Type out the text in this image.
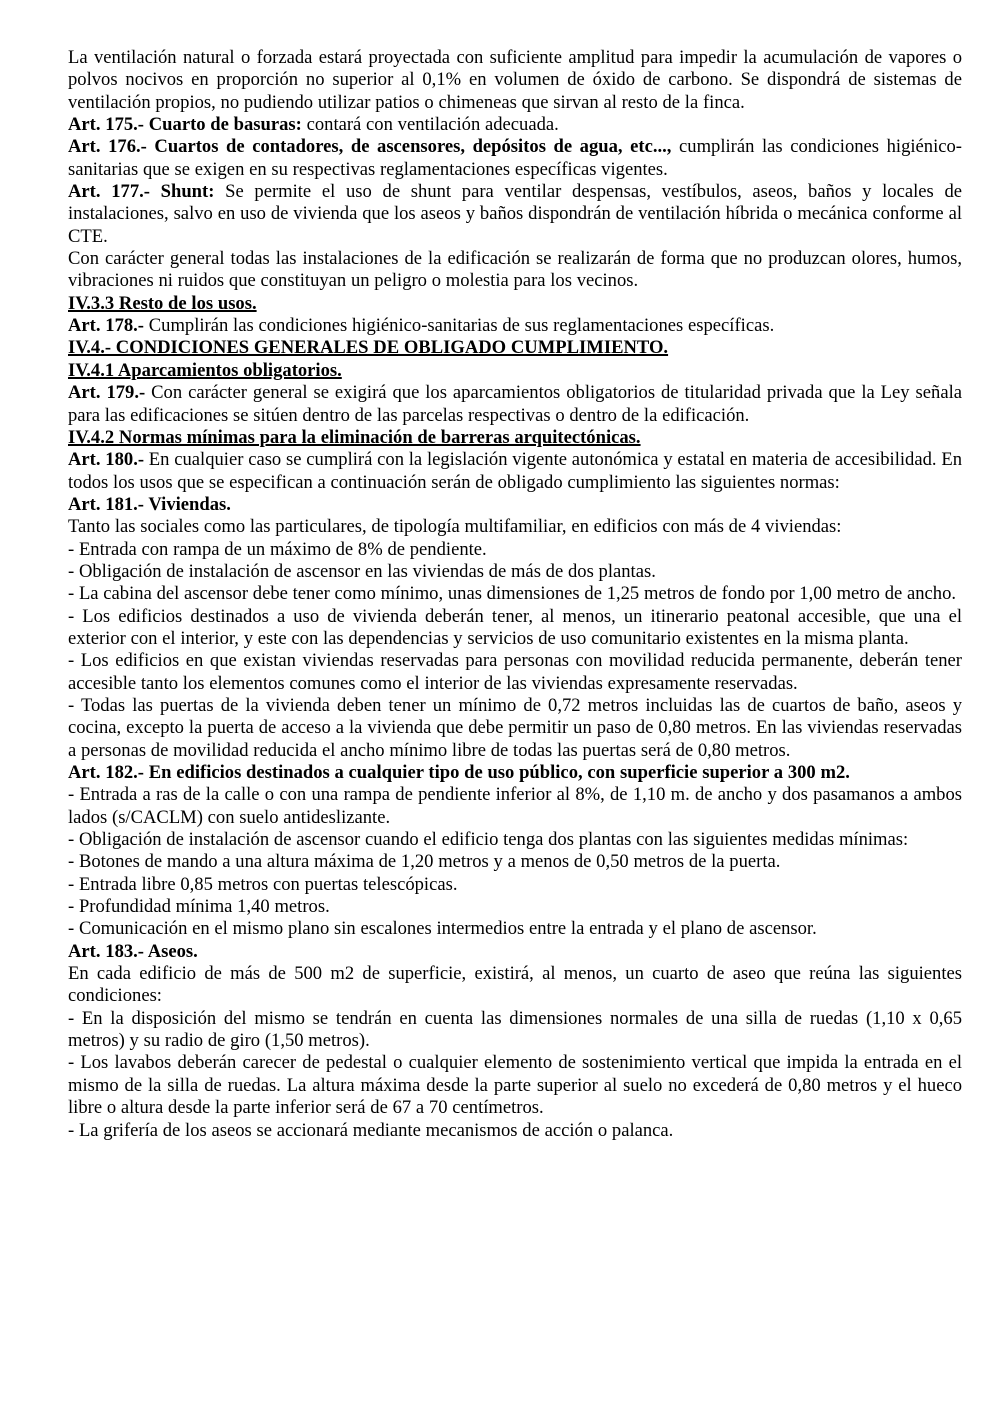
La ventilación natural o forzada estará proyectada con suficiente amplitud para impedir la acumulación de vapores o polvos nocivos en proporción no superior al 0,1% en volumen de óxido de carbono. Se dispondrá de sistemas de ventilación propios, no pudiendo utilizar patios o chimeneas que sirvan al resto de la finca.

Art. 175.- Cuarto de basuras: contará con ventilación adecuada.

Art. 176.- Cuartos de contadores, de ascensores, depósitos de agua, etc..., cumplirán las condiciones higiénico-sanitarias que se exigen en su respectivas reglamentaciones específicas vigentes.

Art. 177.- Shunt: Se permite el uso de shunt para ventilar despensas, vestíbulos, aseos, baños y locales de instalaciones, salvo en uso de vivienda que los aseos y baños dispondrán de ventilación híbrida o mecánica conforme al CTE.

Con carácter general todas las instalaciones de la edificación se realizarán de forma que no produzcan olores, humos, vibraciones ni ruidos que constituyan un peligro o molestia para los vecinos.

IV.3.3 Resto de los usos.

Art. 178.- Cumplirán las condiciones higiénico-sanitarias de sus reglamentaciones específicas.

IV.4.- CONDICIONES GENERALES DE OBLIGADO CUMPLIMIENTO.

IV.4.1 Aparcamientos obligatorios.

Art. 179.- Con carácter general se exigirá que los aparcamientos obligatorios de titularidad privada que la Ley señala para las edificaciones se sitúen dentro de las parcelas respectivas o dentro de la edificación.

IV.4.2 Normas mínimas para la eliminación de barreras arquitectónicas.

Art. 180.- En cualquier caso se cumplirá con la legislación vigente autonómica y estatal en materia de accesibilidad. En todos los usos que se especifican a continuación serán de obligado cumplimiento las siguientes normas:

Art. 181.- Viviendas.

Tanto las sociales como las particulares, de tipología multifamiliar, en edificios con más de 4 viviendas:

- Entrada con rampa de un máximo de 8% de pendiente.

- Obligación de instalación de ascensor en las viviendas de más de dos plantas.

- La cabina del ascensor debe tener como mínimo, unas dimensiones de 1,25 metros de fondo por 1,00 metro de ancho.

- Los edificios destinados a uso de vivienda deberán tener, al menos, un itinerario peatonal accesible, que una el exterior con el interior, y este con las dependencias y servicios de uso comunitario existentes en la misma planta.

- Los edificios en que existan viviendas reservadas para personas con movilidad reducida permanente, deberán tener accesible tanto los elementos comunes como el interior de las viviendas expresamente reservadas.

- Todas las puertas de la vivienda deben tener un mínimo de 0,72 metros incluidas las de cuartos de baño, aseos y cocina, excepto la puerta de acceso a la vivienda que debe permitir un paso de 0,80 metros. En las viviendas reservadas a personas de movilidad reducida el ancho mínimo libre de todas las puertas será de 0,80 metros.

Art. 182.- En edificios destinados a cualquier tipo de uso público, con superficie superior a 300 m2.

- Entrada a ras de la calle o con una rampa de pendiente inferior al 8%, de 1,10 m. de ancho y dos pasamanos a ambos lados (s/CACLM) con suelo antideslizante.

- Obligación de instalación de ascensor cuando el edificio tenga dos plantas con las siguientes medidas mínimas:

- Botones de mando a una altura máxima de 1,20 metros y a menos de 0,50 metros de la puerta.

- Entrada libre 0,85 metros con puertas telescópicas.

- Profundidad mínima 1,40 metros.

- Comunicación en el mismo plano sin escalones intermedios entre la entrada y el plano de ascensor.

Art. 183.- Aseos.

En cada edificio de más de 500 m2 de superficie, existirá, al menos, un cuarto de aseo que reúna las siguientes condiciones:

- En la disposición del mismo se tendrán en cuenta las dimensiones normales de una silla de ruedas (1,10 x 0,65 metros) y su radio de giro (1,50 metros).

- Los lavabos deberán carecer de pedestal o cualquier elemento de sostenimiento vertical que impida la entrada en el mismo de la silla de ruedas. La altura máxima desde la parte superior al suelo no excederá de 0,80 metros y el hueco libre o altura desde la parte inferior será de 67 a 70 centímetros.

- La grifería de los aseos se accionará mediante mecanismos de acción o palanca.
